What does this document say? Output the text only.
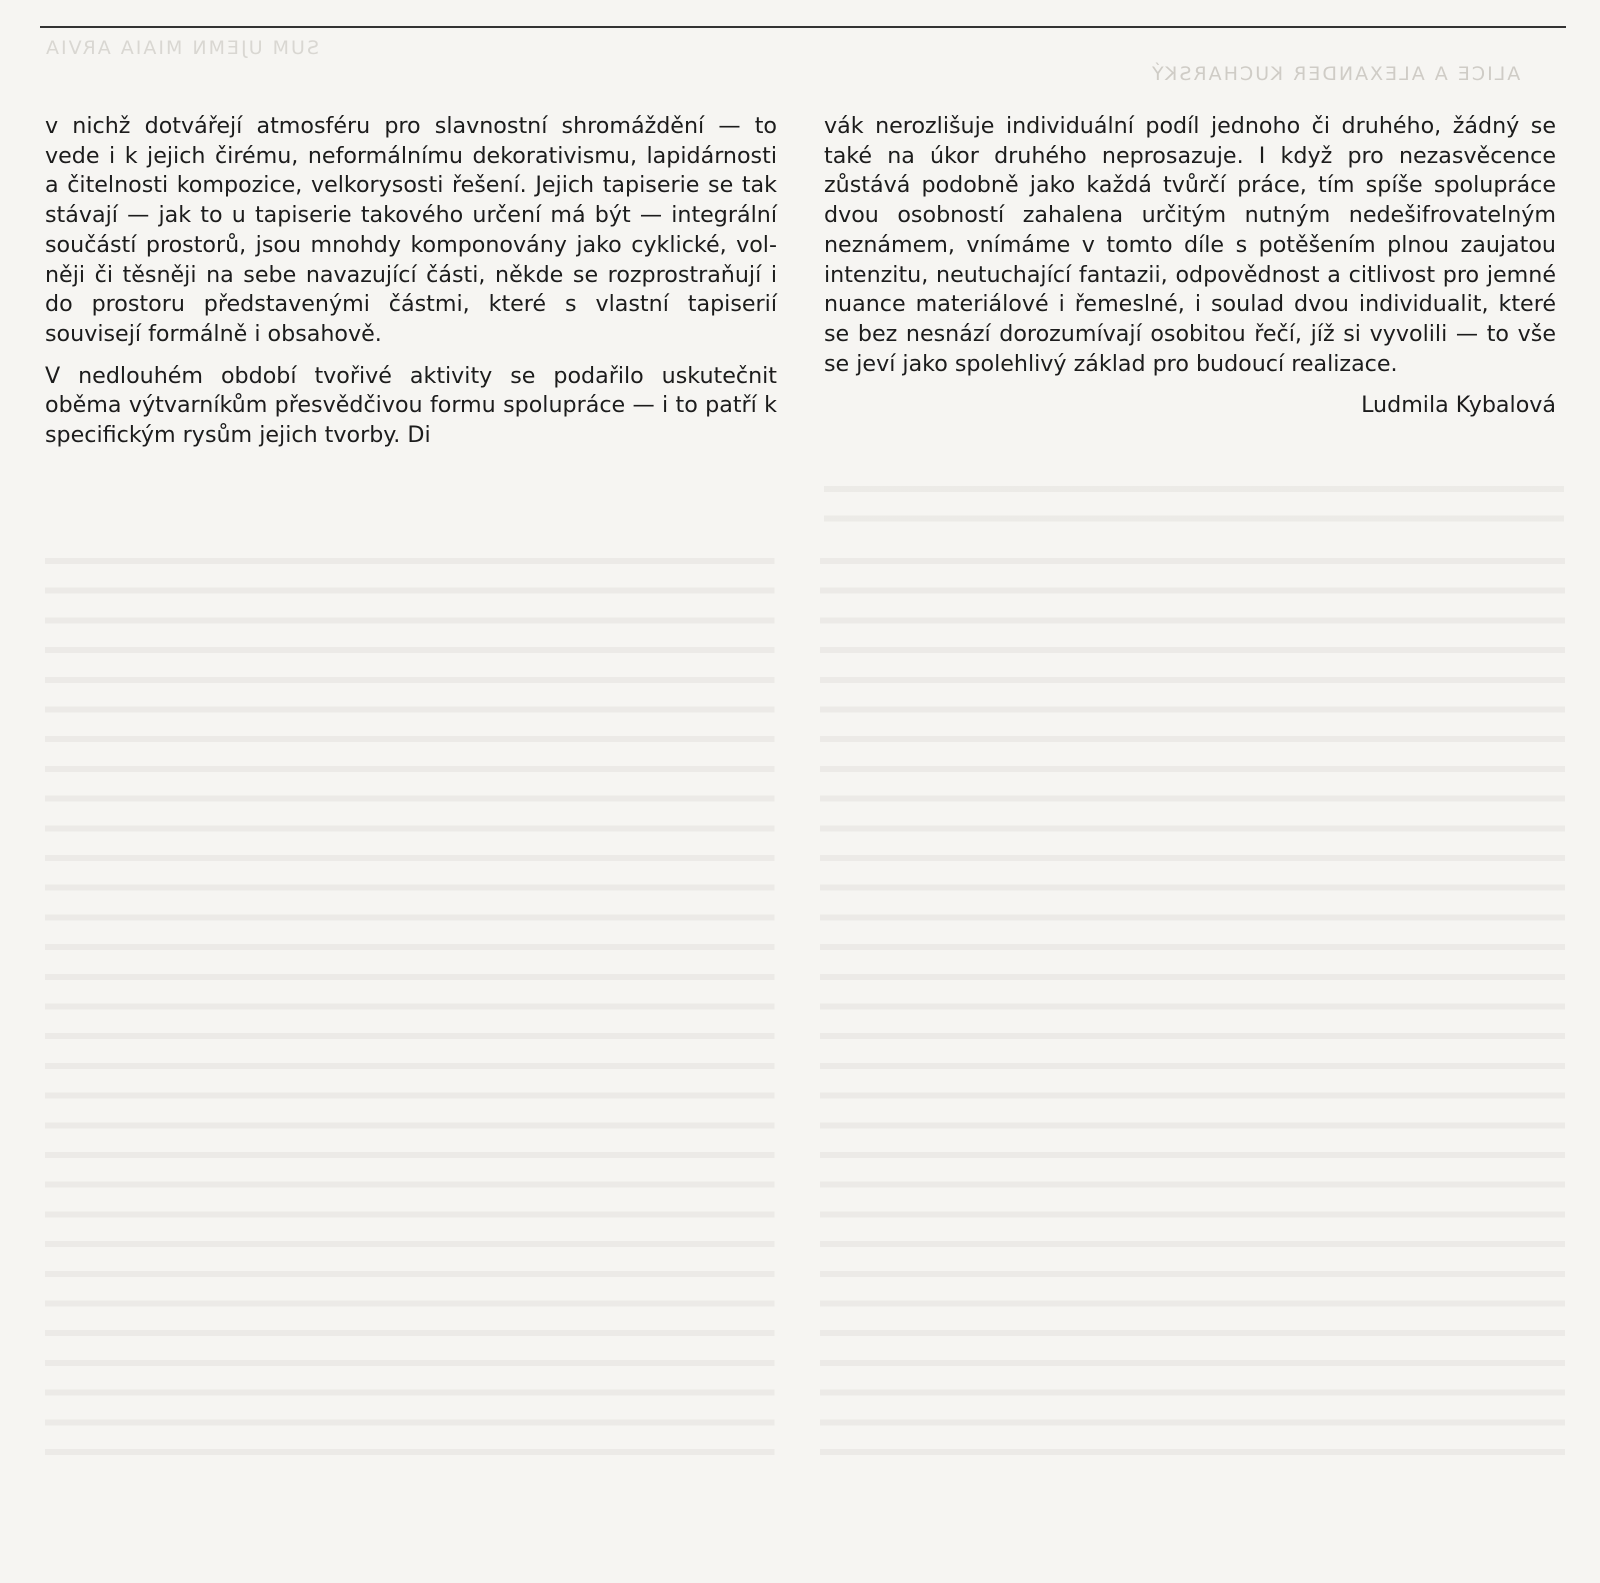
SUM UJEMN MIAIA ARVIA
ALICE A ALEXANDER KUCHARSKÝ

v nichž dotvářejí atmosféru pro slavnostní shromáždění — to vede i k jejich čirému, neformálnímu dekorativismu, lapidárnosti a čitelnosti kompozice, velkorysosti řešení. Jejich tapiserie se tak stávají — jak to u tapiserie takového určení má být — integrální součástí prostorů, jsou mnohdy komponovány jako cyklické, volněji či těsněji na sebe navazující části, někde se rozprostraňují i do prostoru představenými částmi, které s vlastní tapiserií souvisejí formálně i obsahově.

V nedlouhém období tvořivé aktivity se podařilo uskutečnit oběma výtvarníkům přesvědčivou formu spolupráce — i to patří k specifickým rysům jejich tvorby. Di

vák nerozlišuje individuální podíl jednoho či druhého, žádný se také na úkor druhého neprosazuje. I když pro nezasvěcence zůstává podobně jako každá tvůrčí práce, tím spíše spolupráce dvou osobností zahalena určitým nutným nedešifrovatelným neznámem, vnímáme v tomto díle s potěšením plnou zaujatou intenzitu, neutuchající fantazii, odpovědnost a citlivost pro jemné nuance materiálové i řemeslné, i soulad dvou individualit, které se bez nesnází dorozumívají osobitou řečí, jíž si vyvolili — to vše se jeví jako spolehlivý základ pro budoucí realizace.

Ludmila Kybalová
